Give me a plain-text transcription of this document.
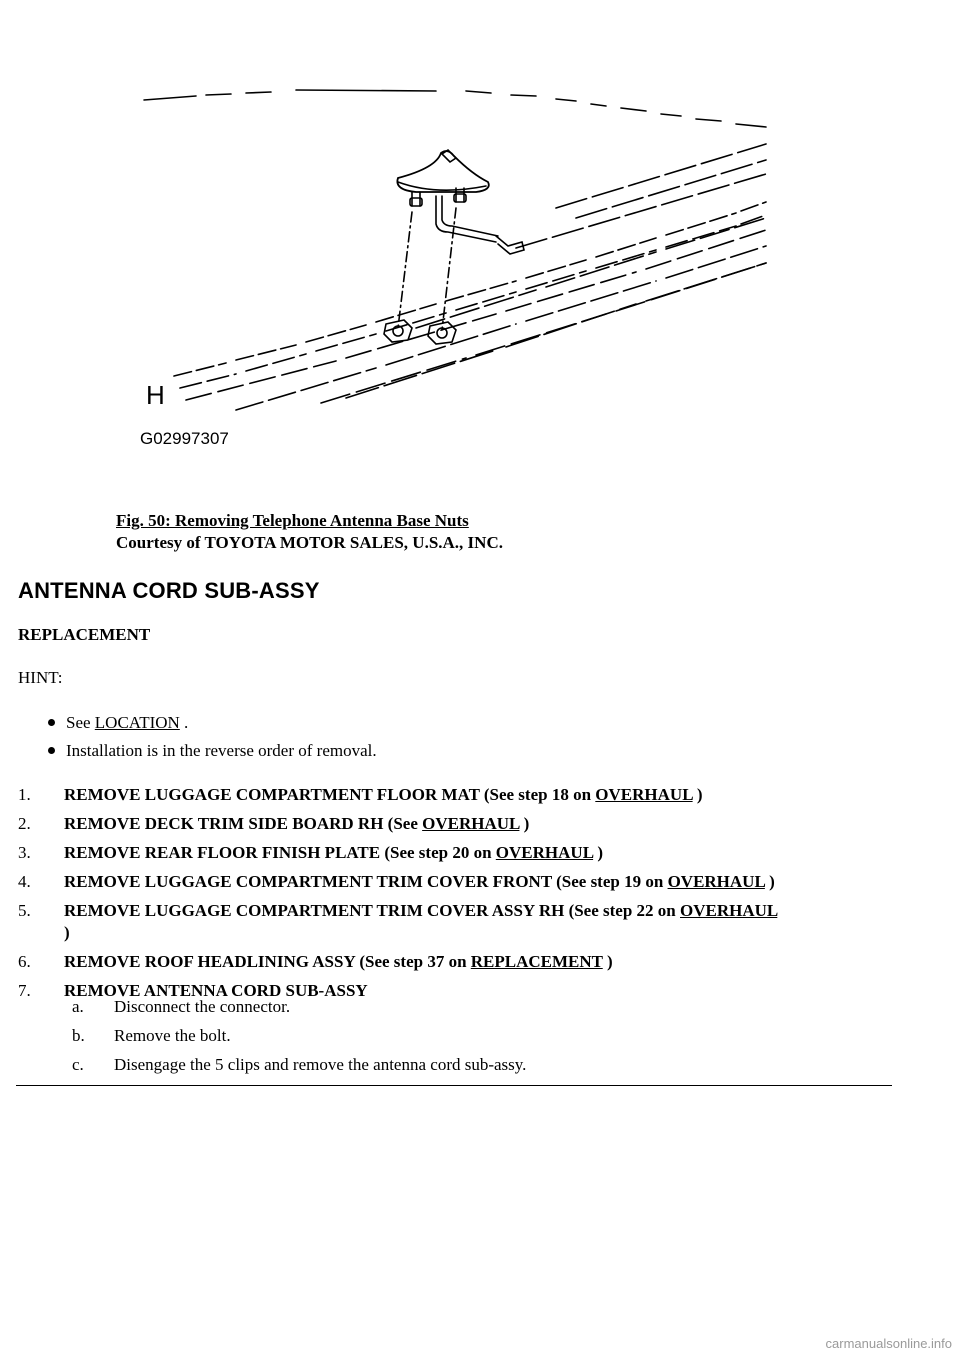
H
G02997307
Fig. 50: Removing Telephone Antenna Base Nuts
Courtesy of TOYOTA MOTOR SALES, U.S.A., INC.
ANTENNA CORD SUB-ASSY
REPLACEMENT
HINT:
See LOCATION .
Installation is in the reverse order of removal.
1. REMOVE LUGGAGE COMPARTMENT FLOOR MAT (See step 18 on OVERHAUL )
2. REMOVE DECK TRIM SIDE BOARD RH (See OVERHAUL )
3. REMOVE REAR FLOOR FINISH PLATE (See step 20 on OVERHAUL )
4. REMOVE LUGGAGE COMPARTMENT TRIM COVER FRONT (See step 19 on OVERHAUL )
5. REMOVE LUGGAGE COMPARTMENT TRIM COVER ASSY RH (See step 22 on OVERHAUL )
6. REMOVE ROOF HEADLINING ASSY (See step 37 on REPLACEMENT )
7. REMOVE ANTENNA CORD SUB-ASSY
a. Disconnect the connector.
b. Remove the bolt.
c. Disengage the 5 clips and remove the antenna cord sub-assy.
carmanualsonline.info
